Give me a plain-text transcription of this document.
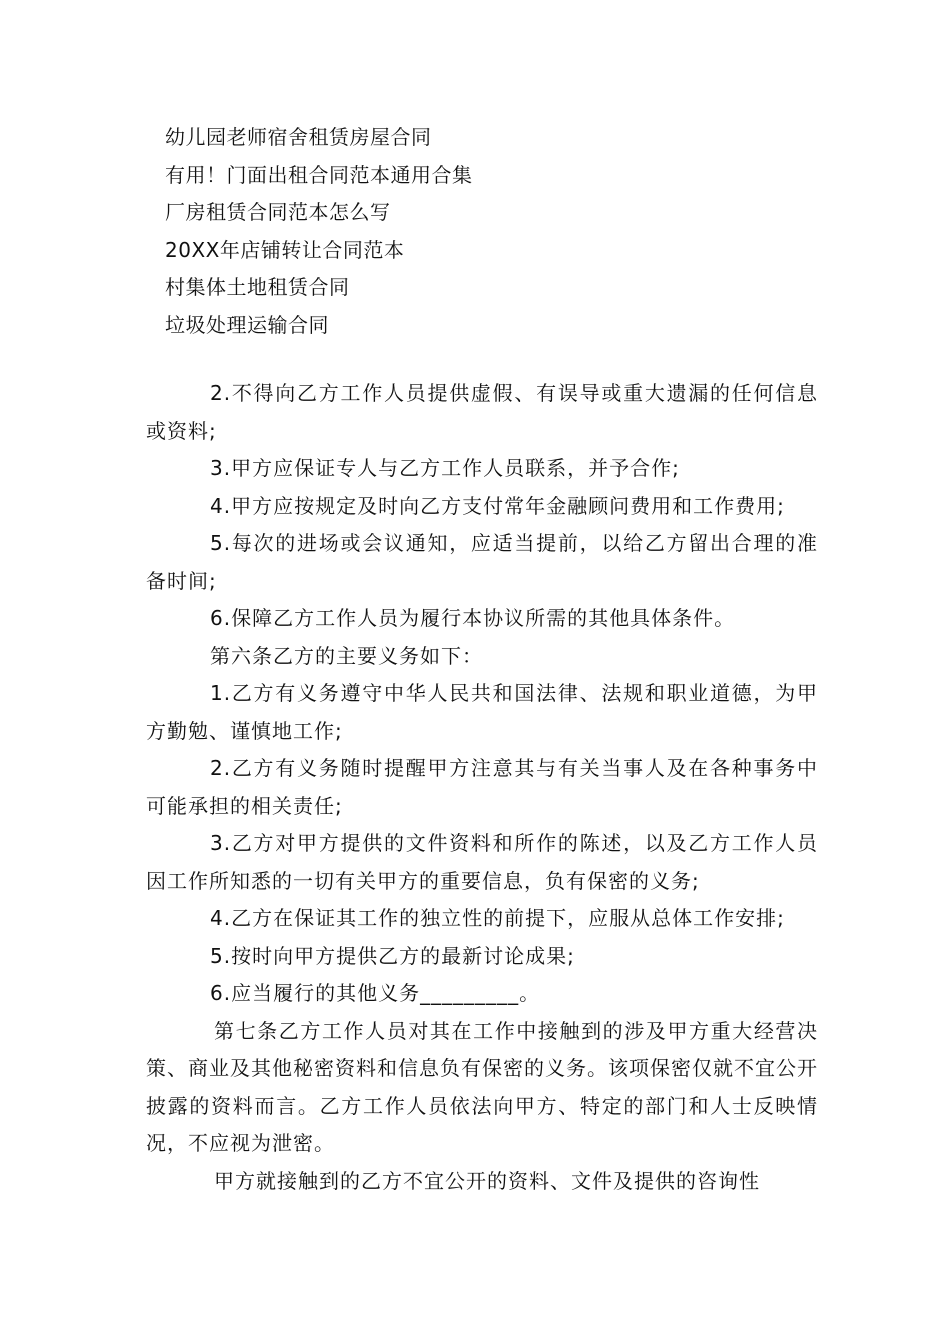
幼儿园老师宿舍租赁房屋合同
有用！门面出租合同范本通用合集
厂房租赁合同范本怎么写
20XX年店铺转让合同范本
村集体土地租赁合同
垃圾处理运输合同

2.不得向乙方工作人员提供虚假、有误导或重大遗漏的任何信息或资料;

3.甲方应保证专人与乙方工作人员联系，并予合作;

4.甲方应按规定及时向乙方支付常年金融顾问费用和工作费用;

5.每次的进场或会议通知，应适当提前，以给乙方留出合理的准备时间;

6.保障乙方工作人员为履行本协议所需的其他具体条件。

第六条乙方的主要义务如下：

1.乙方有义务遵守中华人民共和国法律、法规和职业道德，为甲方勤勉、谨慎地工作;

2.乙方有义务随时提醒甲方注意其与有关当事人及在各种事务中可能承担的相关责任;

3.乙方对甲方提供的文件资料和所作的陈述，以及乙方工作人员因工作所知悉的一切有关甲方的重要信息，负有保密的义务;

4.乙方在保证其工作的独立性的前提下，应服从总体工作安排;

5.按时向甲方提供乙方的最新讨论成果;

6.应当履行的其他义务_________。

第七条乙方工作人员对其在工作中接触到的涉及甲方重大经营决策、商业及其他秘密资料和信息负有保密的义务。该项保密仅就不宜公开披露的资料而言。乙方工作人员依法向甲方、特定的部门和人士反映情况，不应视为泄密。

甲方就接触到的乙方不宜公开的资料、文件及提供的咨询性
